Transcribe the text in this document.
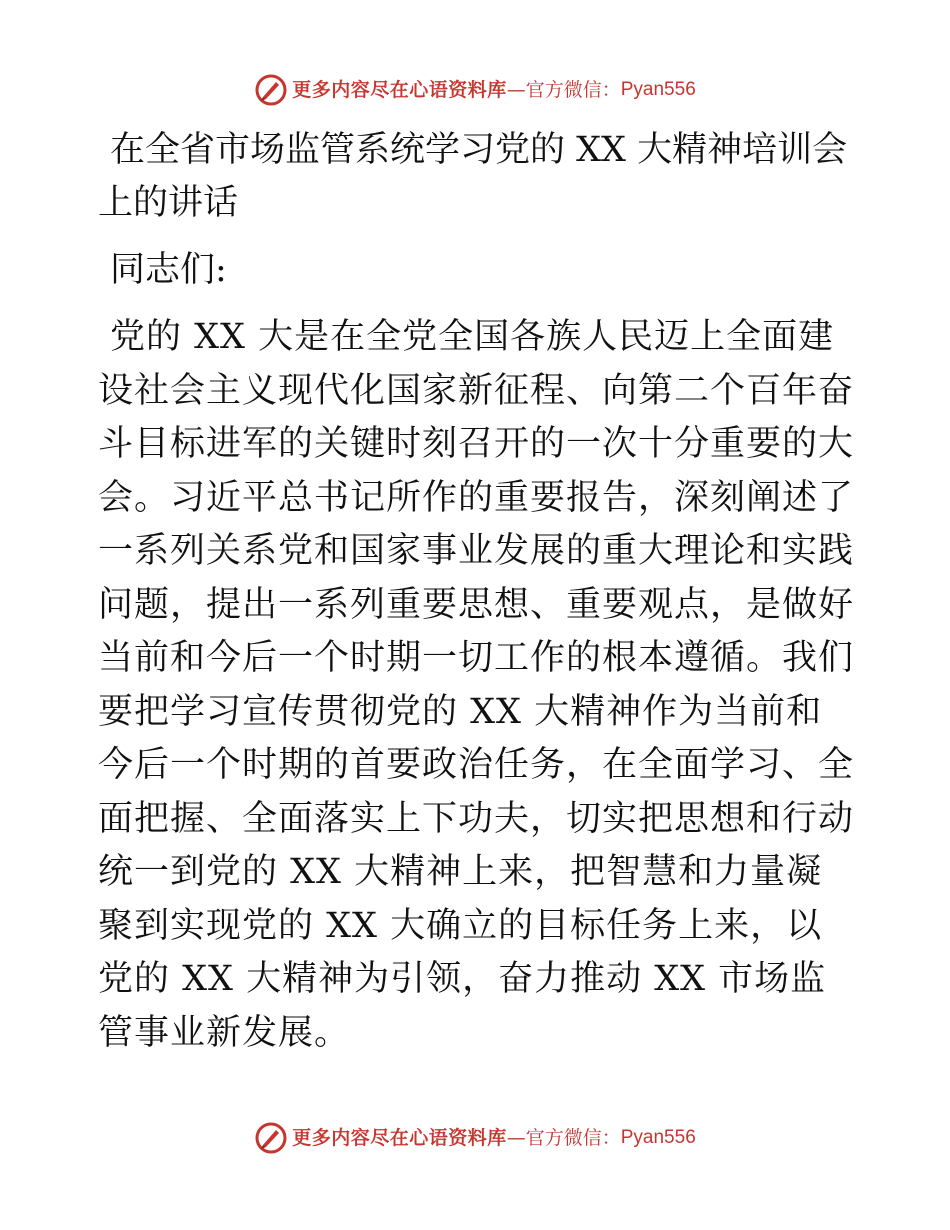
更多内容尽在心语资料库 — 官方微信： Pyan556
在全省市场监管系统学习党的 XX 大精神培训会上的讲话

同志们:

党的 XX 大是在全党全国各族人民迈上全面建设社会主义现代化国家新征程、向第二个百年奋斗目标进军的关键时刻召开的一次十分重要的大会。习近平总书记所作的重要报告，深刻阐述了一系列关系党和国家事业发展的重大理论和实践问题，提出一系列重要思想、重要观点，是做好当前和今后一个时期一切工作的根本遵循。我们要把学习宣传贯彻党的 XX 大精神作为当前和今后一个时期的首要政治任务，在全面学习、全面把握、全面落实上下功夫，切实把思想和行动统一到党的 XX 大精神上来，把智慧和力量凝聚到实现党的 XX 大确立的目标任务上来，以党的 XX 大精神为引领，奋力推动 XX 市场监管事业新发展。

更多内容尽在心语资料库 — 官方微信： Pyan556
